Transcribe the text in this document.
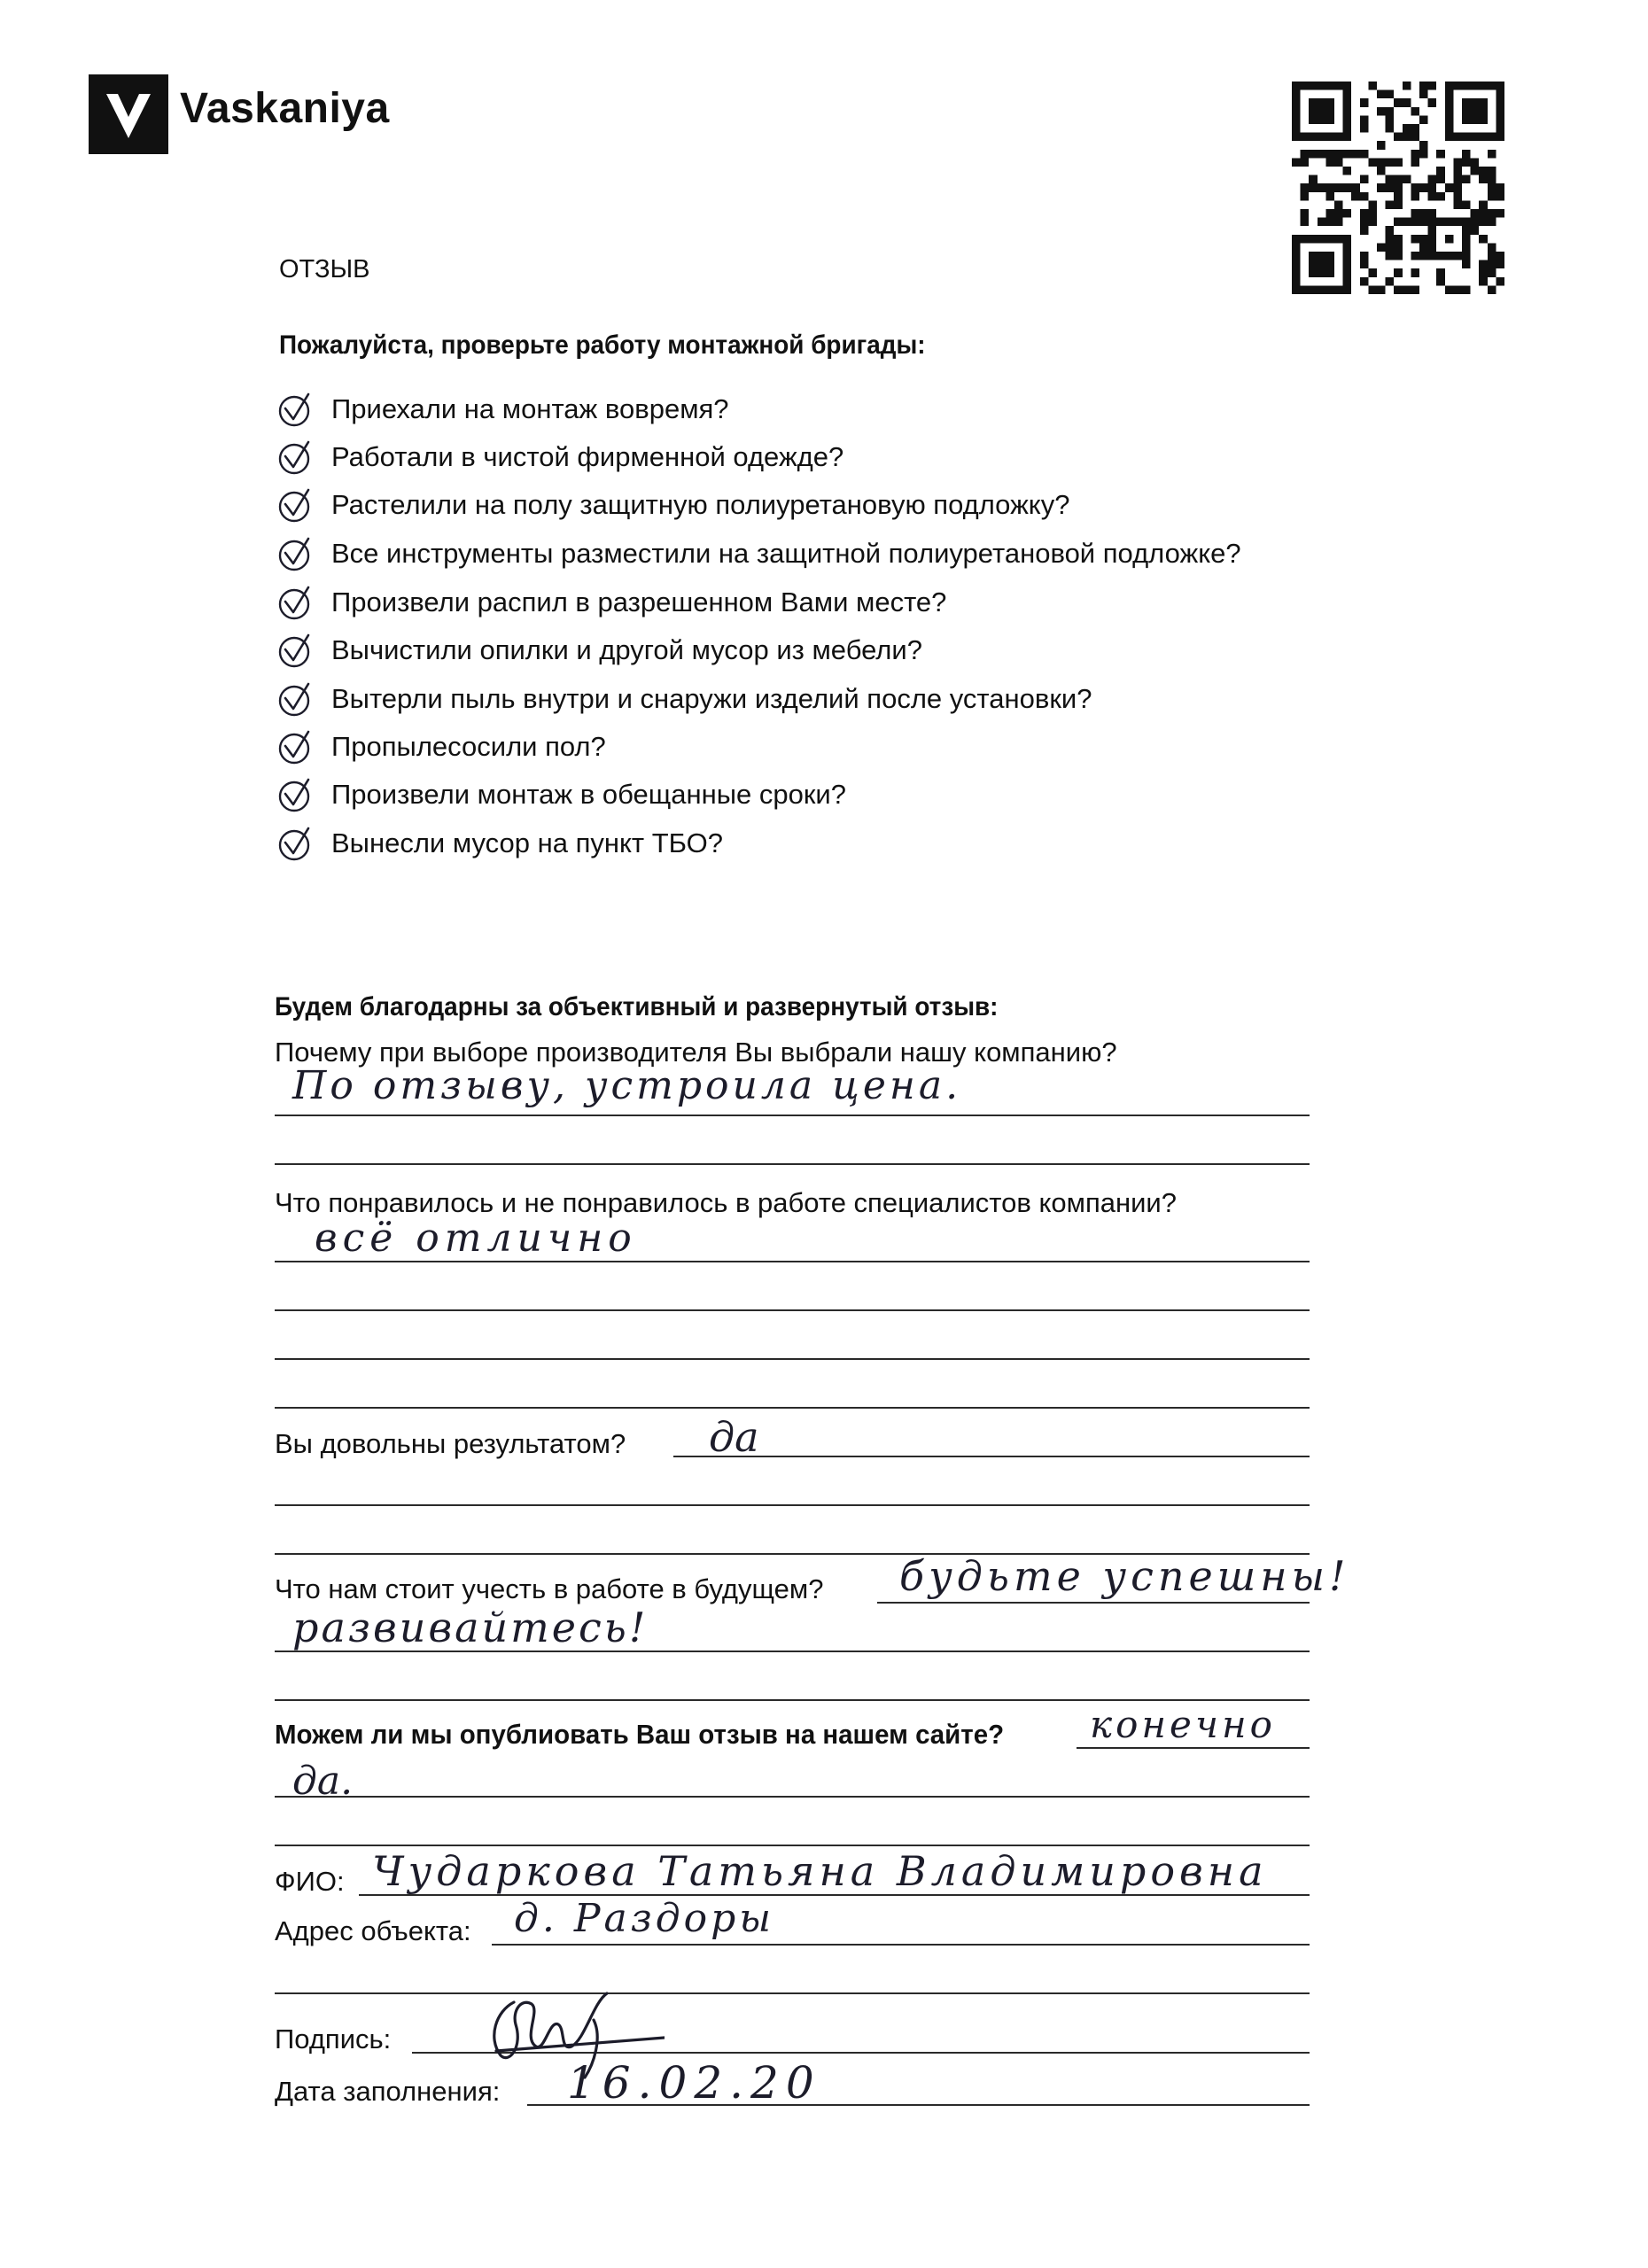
Vaskaniya
ОТЗЫВ
Пожалуйста, проверьте работу монтажной бригады:
Приехали на монтаж вовремя?
Работали в чистой фирменной одежде?
Растелили на полу защитную полиуретановую подложку?
Все инструменты разместили на защитной полиуретановой подложке?
Произвели распил в разрешенном Вами месте?
Вычистили опилки и другой мусор из мебели?
Вытерли пыль внутри и снаружи изделий после установки?
Пропылесосили пол?
Произвели монтаж в обещанные сроки?
Вынесли мусор на пункт ТБО?
Будем благодарны за объективный и развернутый отзыв:
Почему при выборе производителя Вы выбрали нашу компанию?
По отзыву, устроила цена.
Что понравилось и не понравилось в работе специалистов компании?
всё отлично
Вы довольны результатом? да
Что нам стоит учесть в работе в будущем? будьте успешны!
развивайтесь!
Можем ли мы опублиовать Ваш отзыв на нашем сайте? конечно
да.
ФИО: Чударкова Татьяна Владимировна
Адрес объекта: д. Раздоры
Подпись:
Дата заполнения: 16.02.20
